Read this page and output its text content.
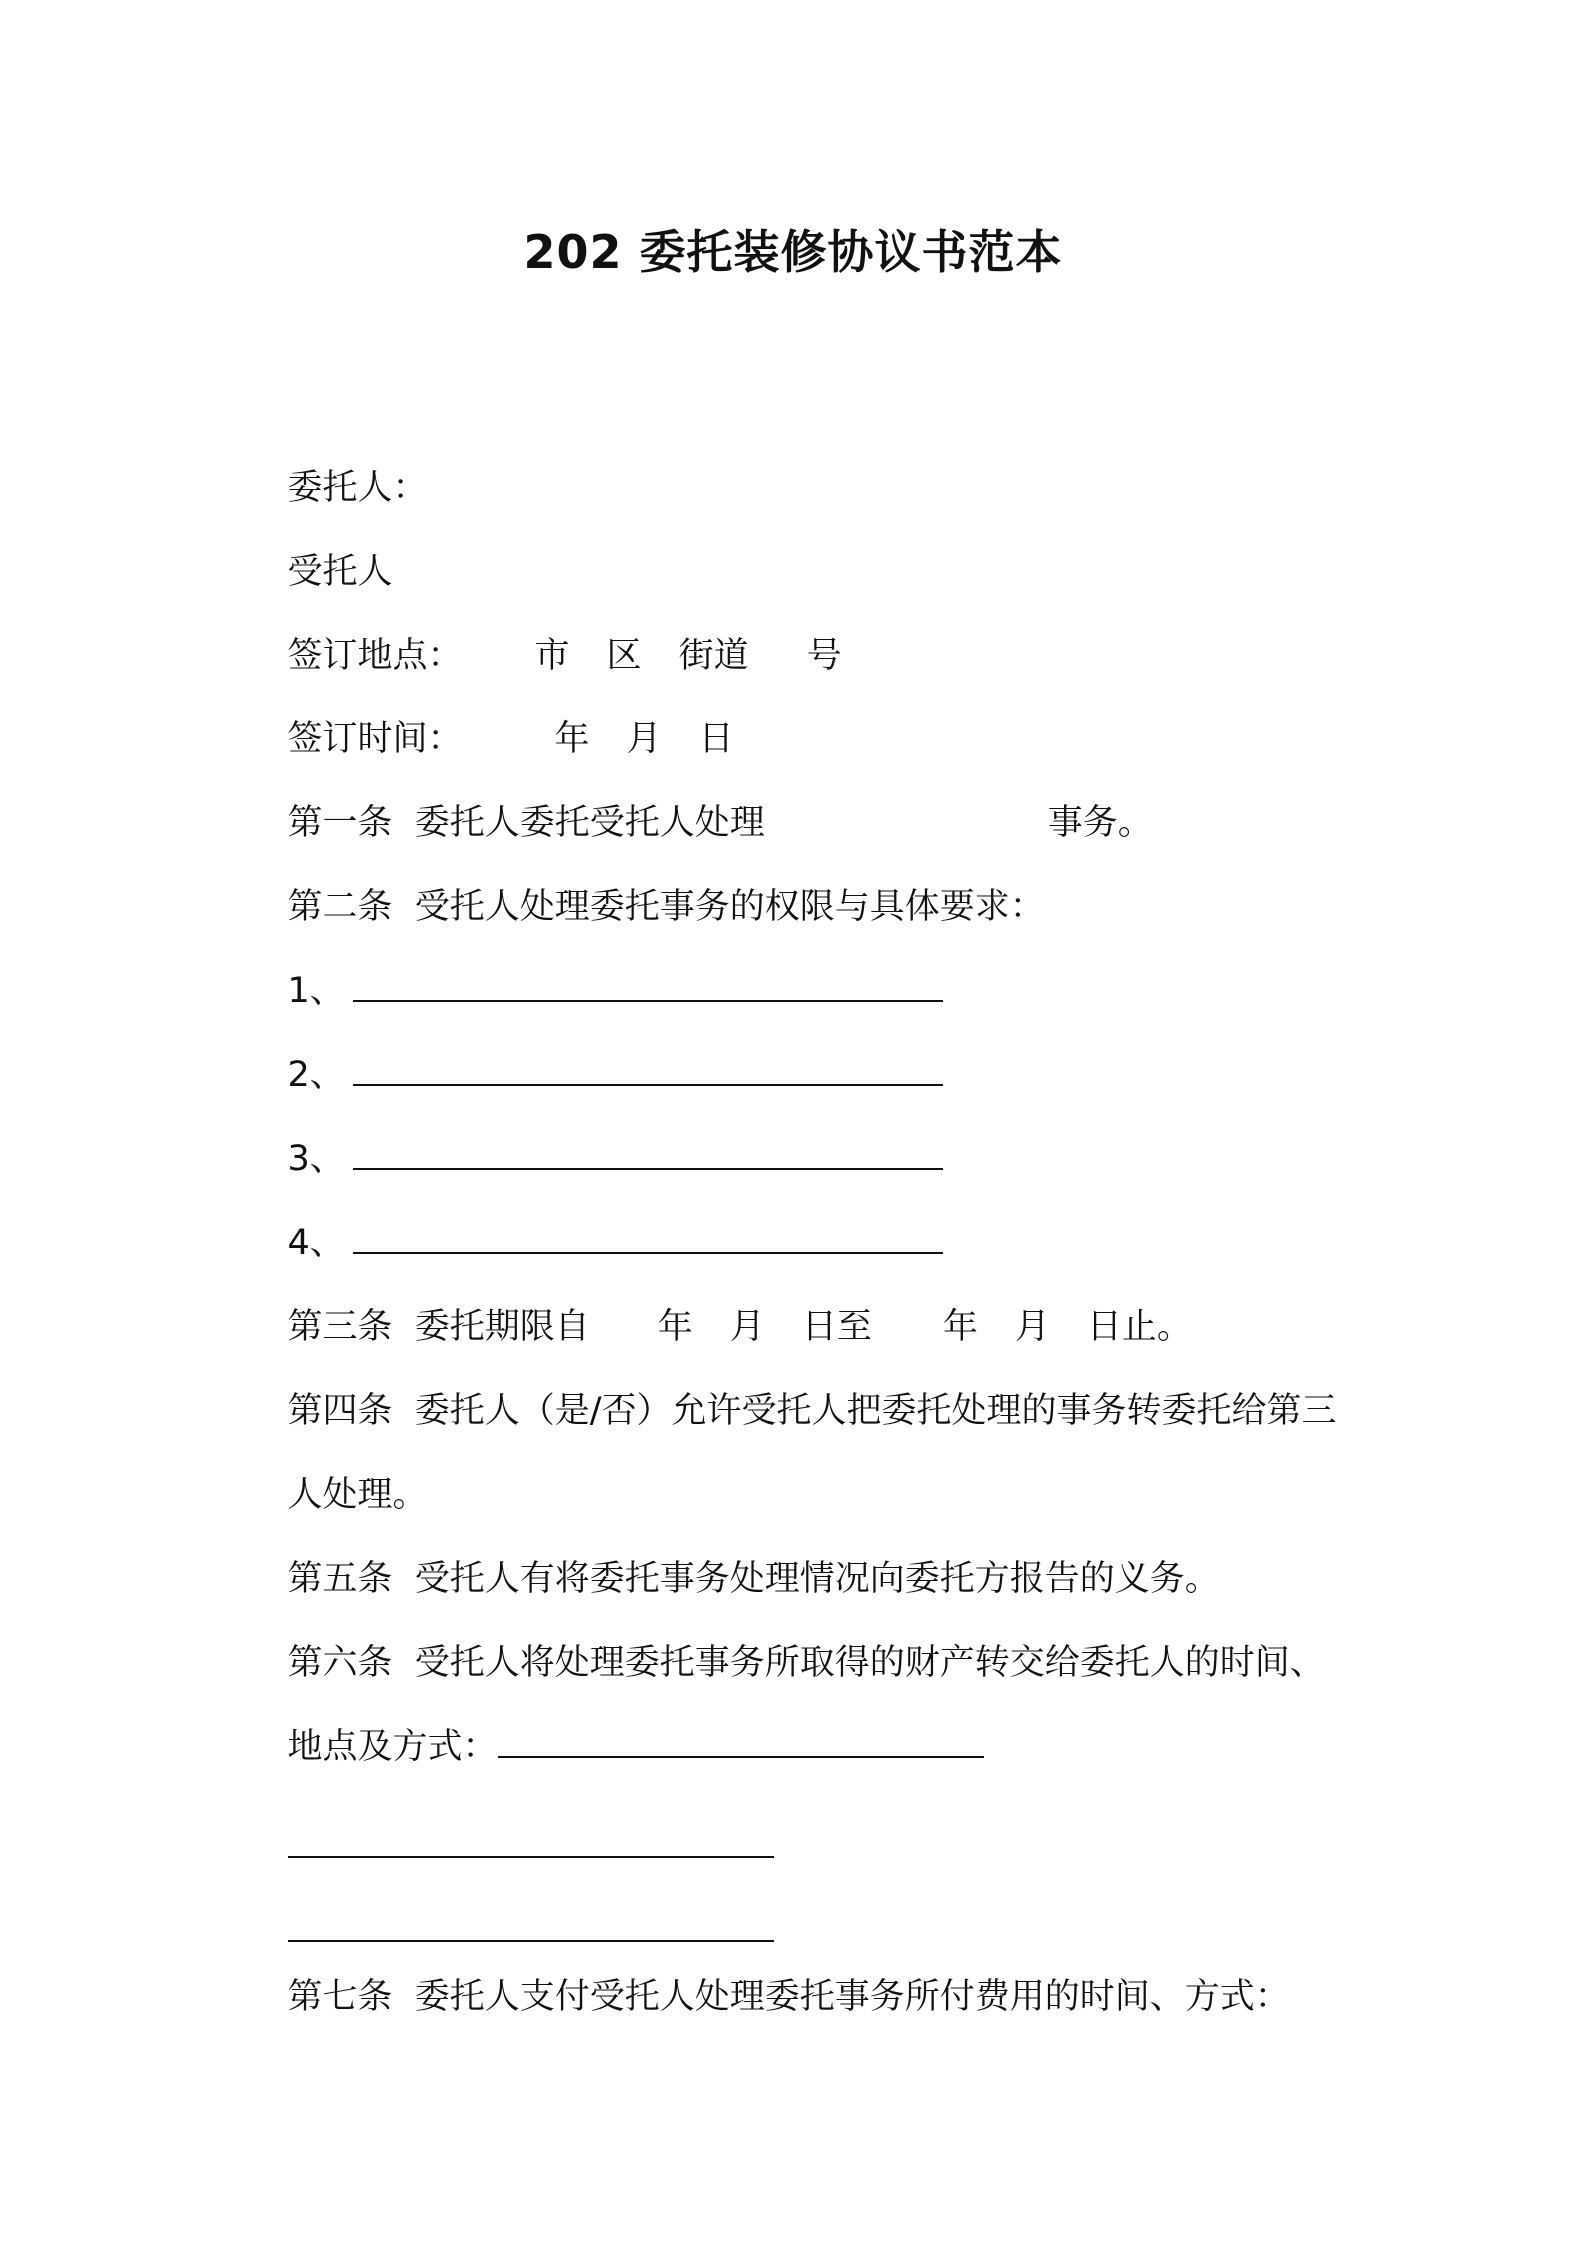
202 委托装修协议书范本

委托人：

受托人

签订地点： 市 区 街道 号

签订时间：	年 月 日

第一条  委托人委托受托人处理	事务。

第二条  受托人处理委托事务的权限与具体要求：

1、

2、

3、

4、

第三条  委托期限自 年 月 日至 年 月 日止。

第四条  委托人（是/否）允许受托人把委托处理的事务转委托给第三

人处理。

第五条  受托人有将委托事务处理情况向委托方报告的义务。

第六条  受托人将处理委托事务所取得的财产转交给委托人的时间、

地点及方式：

第七条  委托人支付受托人处理委托事务所付费用的时间、方式：
